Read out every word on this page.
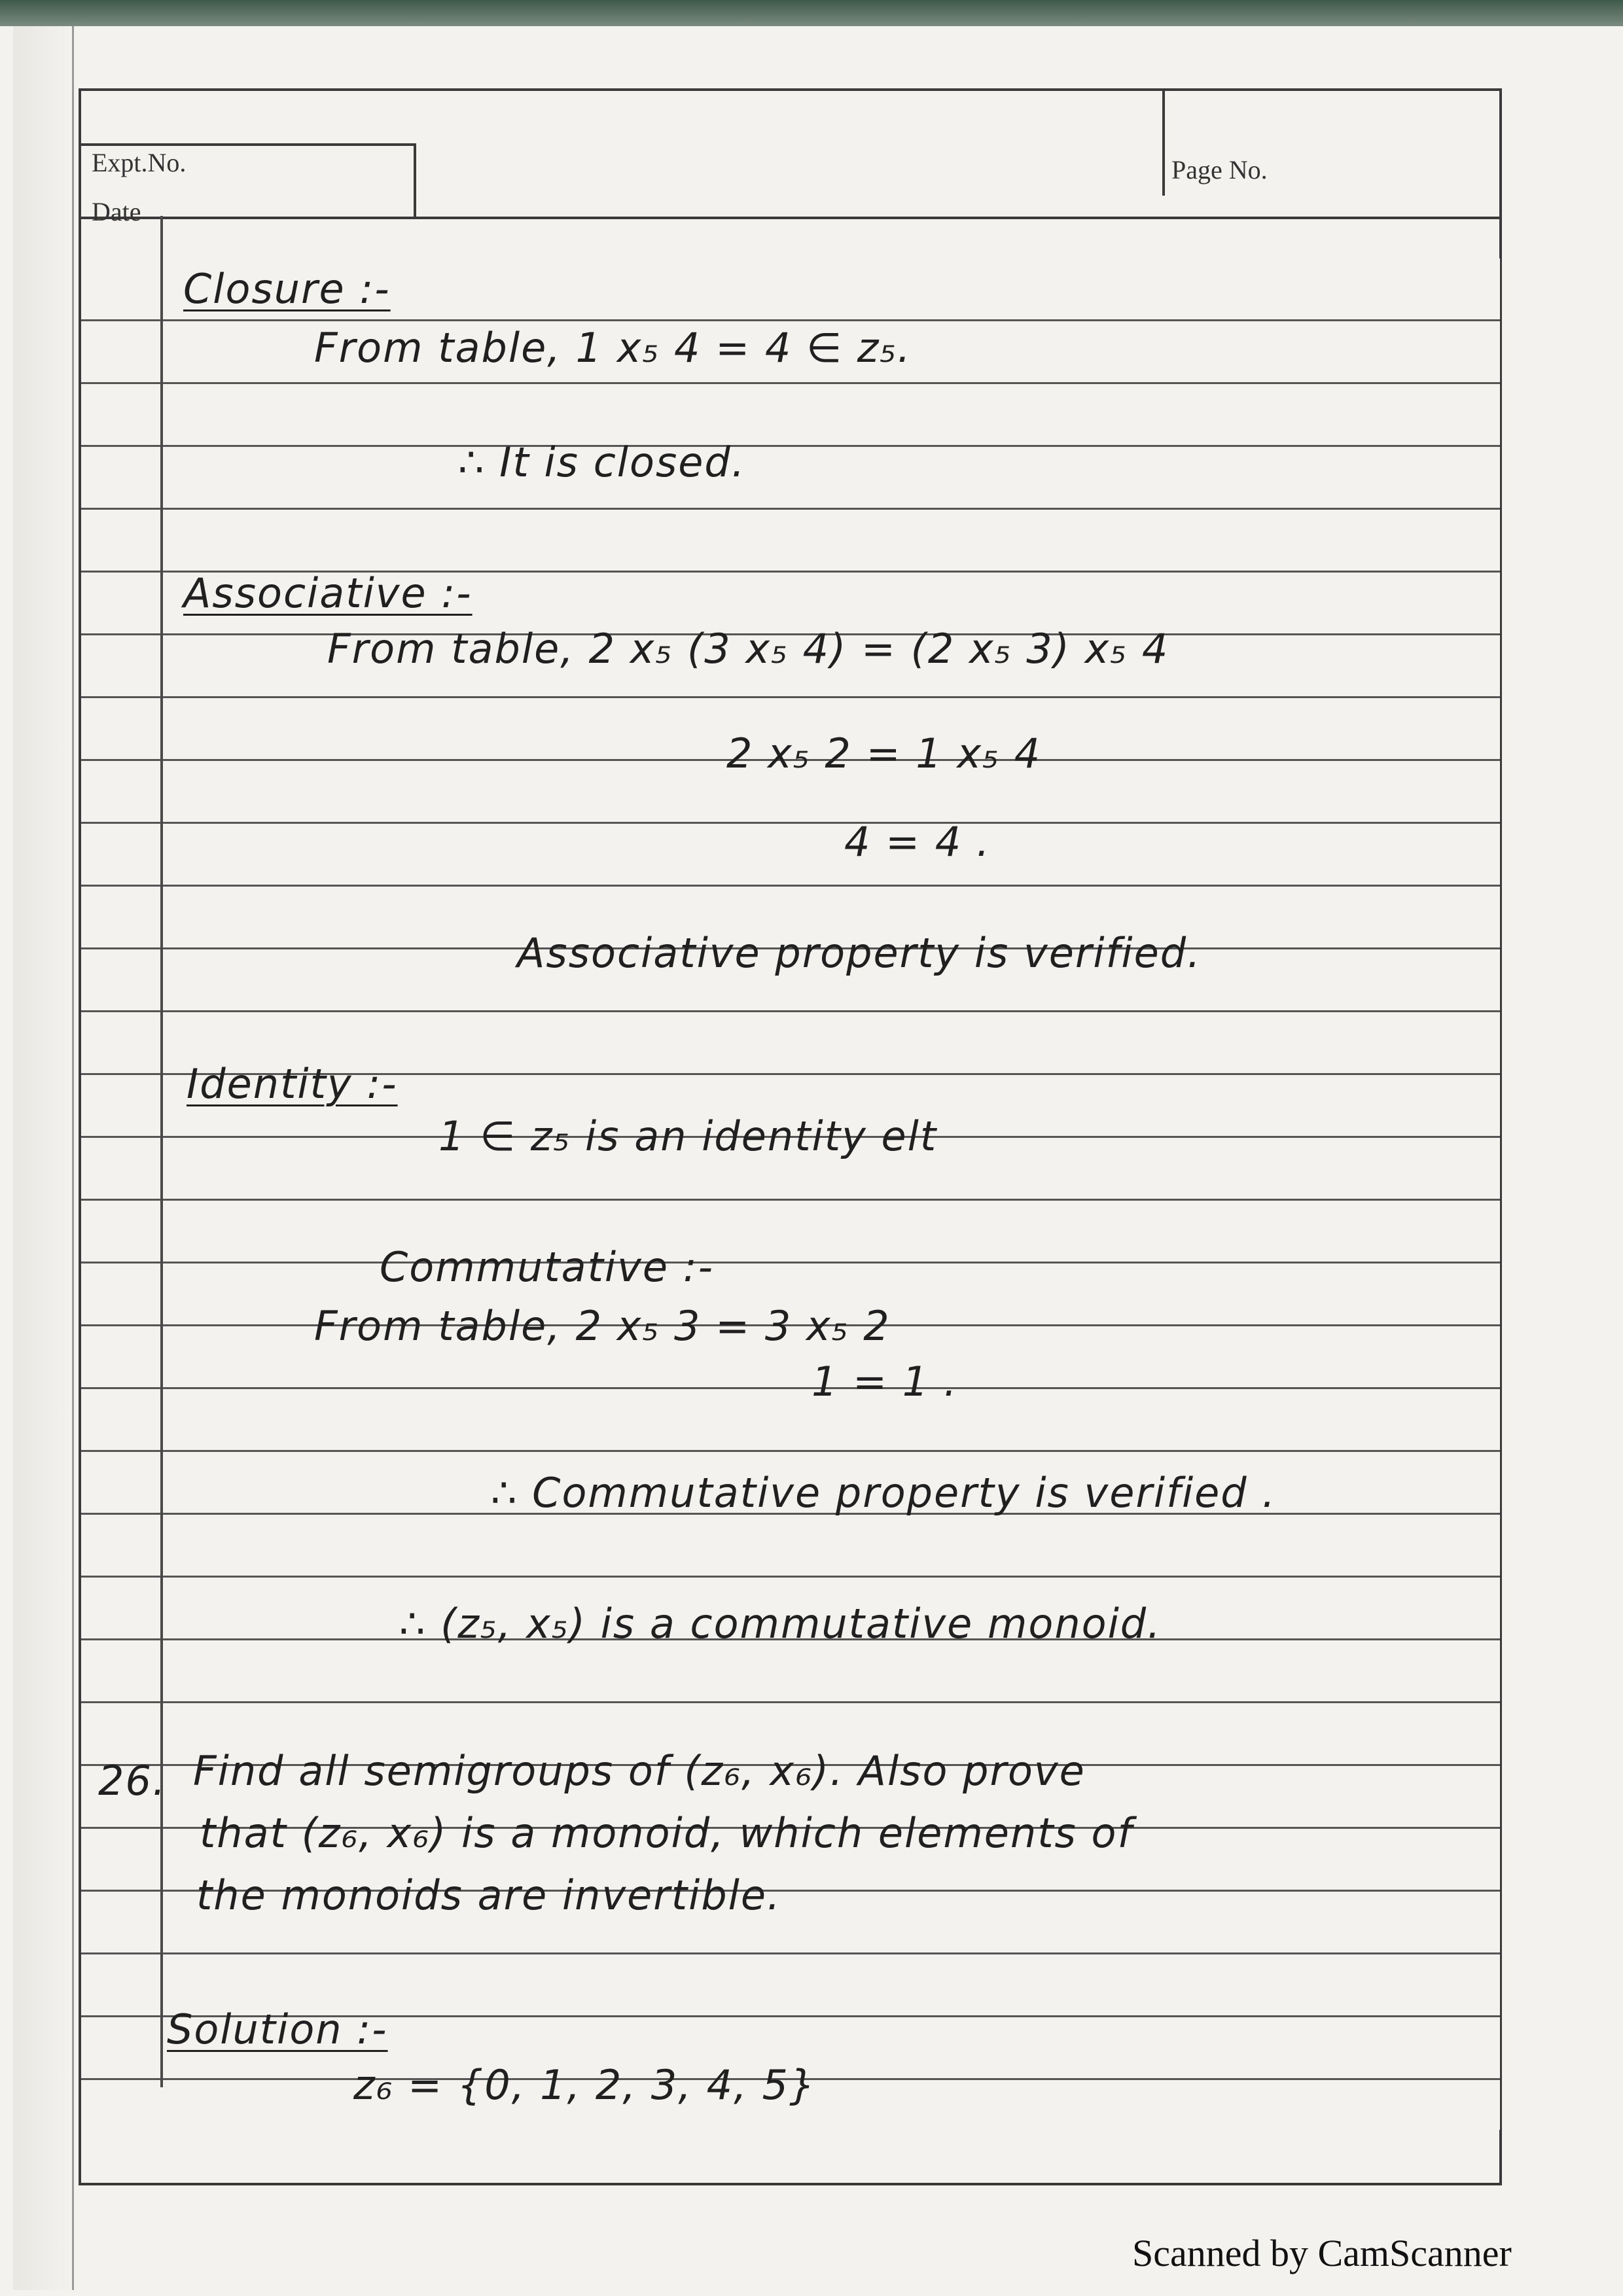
Expt.No.
Date
Page No.
Closure :-
From table, 1 x₅ 4 = 4 ∈ z₅.
∴ It is closed.
Associative :-
From table, 2 x₅ (3 x₅ 4) = (2 x₅ 3) x₅ 4
2 x₅ 2 = 1 x₅ 4
4 = 4 .
Associative property is verified.
Identity :-
1 ∈ z₅ is an identity elt
Commutative :-
From table, 2 x₅ 3 = 3 x₅ 2
1 = 1 .
∴ Commutative property is verified .
∴ (z₅, x₅) is a commutative monoid.
26. Find all semigroups of (z₆, x₆). Also prove
that (z₆, x₆) is a monoid, which elements of
the monoids are invertible.
Solution :-
z₆ = {0, 1, 2, 3, 4, 5}
Scanned by CamScanner
